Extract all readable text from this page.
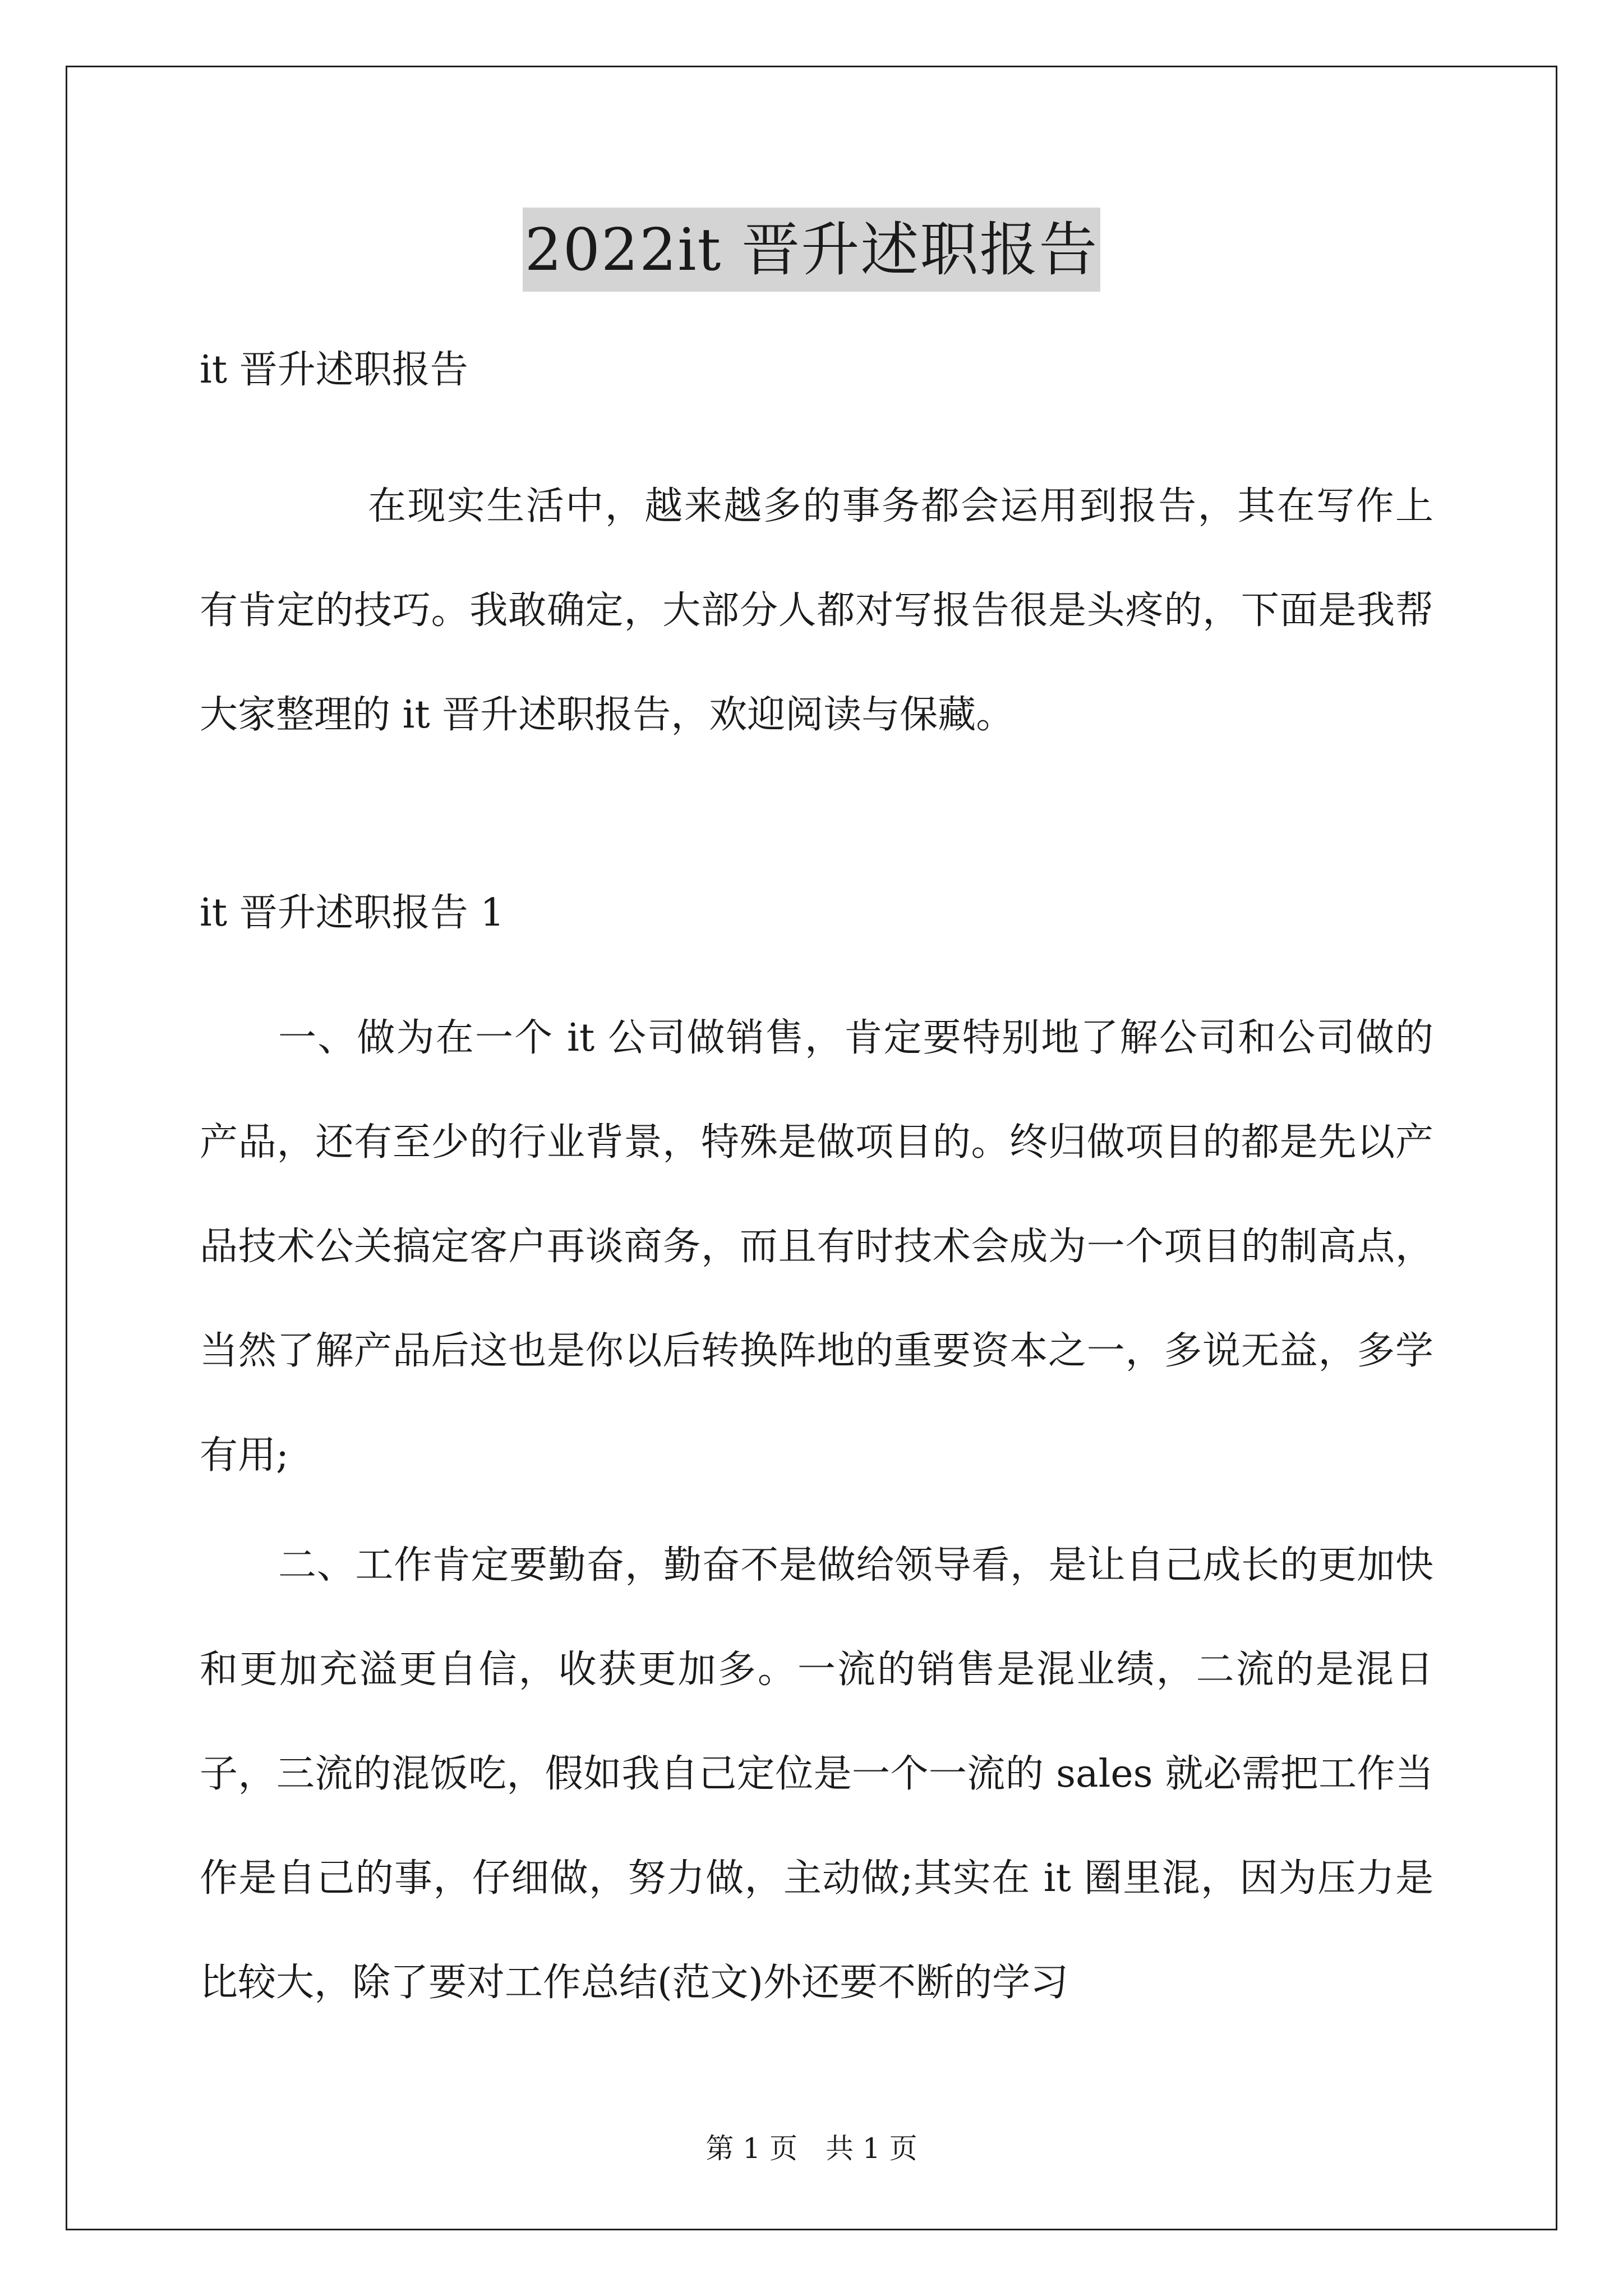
2022it 晋升述职报告

it 晋升述职报告

在现实生活中，越来越多的事务都会运用到报告，其在写作上有肯定的技巧。我敢确定，大部分人都对写报告很是头疼的，下面是我帮大家整理的 it 晋升述职报告，欢迎阅读与保藏。

it 晋升述职报告 1

一、做为在一个 it 公司做销售，肯定要特别地了解公司和公司做的产品，还有至少的行业背景，特殊是做项目的。终归做项目的都是先以产品技术公关搞定客户再谈商务，而且有时技术会成为一个项目的制高点，当然了解产品后这也是你以后转换阵地的重要资本之一，多说无益，多学有用;

二、工作肯定要勤奋，勤奋不是做给领导看，是让自己成长的更加快和更加充溢更自信，收获更加多。一流的销售是混业绩，二流的是混日子，三流的混饭吃，假如我自己定位是一个一流的 sales 就必需把工作当作是自己的事，仔细做，努力做，主动做;其实在 it 圈里混，因为压力是比较大，除了要对工作总结(范文)外还要不断的学习

第 1 页　共 1 页
